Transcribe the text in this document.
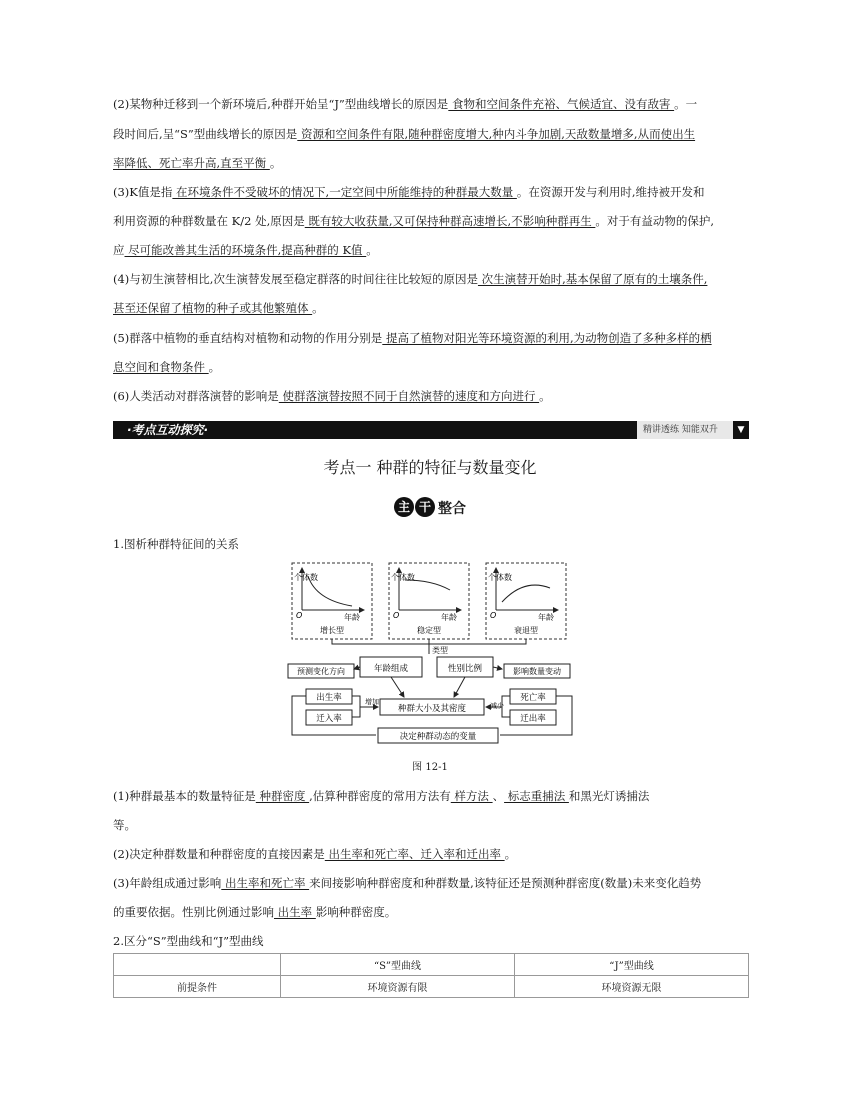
(2)某物种迁移到一个新环境后,种群开始呈“J”型曲线增长的原因是 食物和空间条件充裕、气候适宜、没有敌害 。一
段时间后,呈“S”型曲线增长的原因是 资源和空间条件有限,随种群密度增大,种内斗争加剧,天敌数量增多,从而使出生
率降低、死亡率升高,直至平衡 。
(3)K值是指 在环境条件不受破坏的情况下,一定空间中所能维持的种群最大数量 。在资源开发与利用时,维持被开发和
利用资源的种群数量在 K/2 处,原因是 既有较大收获量,又可保持种群高速增长,不影响种群再生 。对于有益动物的保护,
应 尽可能改善其生活的环境条件,提高种群的 K值 。
(4)与初生演替相比,次生演替发展至稳定群落的时间往往比较短的原因是 次生演替开始时,基本保留了原有的土壤条件,
甚至还保留了植物的种子或其他繁殖体 。
(5)群落中植物的垂直结构对植物和动物的作用分别是 提高了植物对阳光等环境资源的利用,为动物创造了多种多样的栖
息空间和食物条件 。
(6)人类活动对群落演替的影响是 使群落演替按照不同于自然演替的速度和方向进行 。
1.图析种群特征间的关系
(1)种群最基本的数量特征是 种群密度 ,估算种群密度的常用方法有 样方法 、 标志重捕法 和黑光灯诱捕法
等。
(2)决定种群数量和种群密度的直接因素是 出生率和死亡率、迁入率和迁出率 。
(3)年龄组成通过影响 出生率和死亡率 来间接影响种群密度和种群数量,该特征还是预测种群密度(数量)未来变化趋势
的重要依据。性别比例通过影响 出生率 影响种群密度。
2.区分“S”型曲线和“J”型曲线
·考点互动探究·	精讲透练 知能双升	▼
考点一 种群的特征与数量变化
主 干 整合
个体数
O	年龄
增长型
个体数
O	年龄
稳定型
个体数
O	年龄
衰退型
类型
预测变化方向	年龄组成	性别比例	影响数量变动
出生率
迁入率
增加
种群大小及其密度
死亡率
迁出率
减少
决定种群动态的变量
图 12-1
	“S”型曲线	“J”型曲线
前提条件	环境资源有限	环境资源无限
